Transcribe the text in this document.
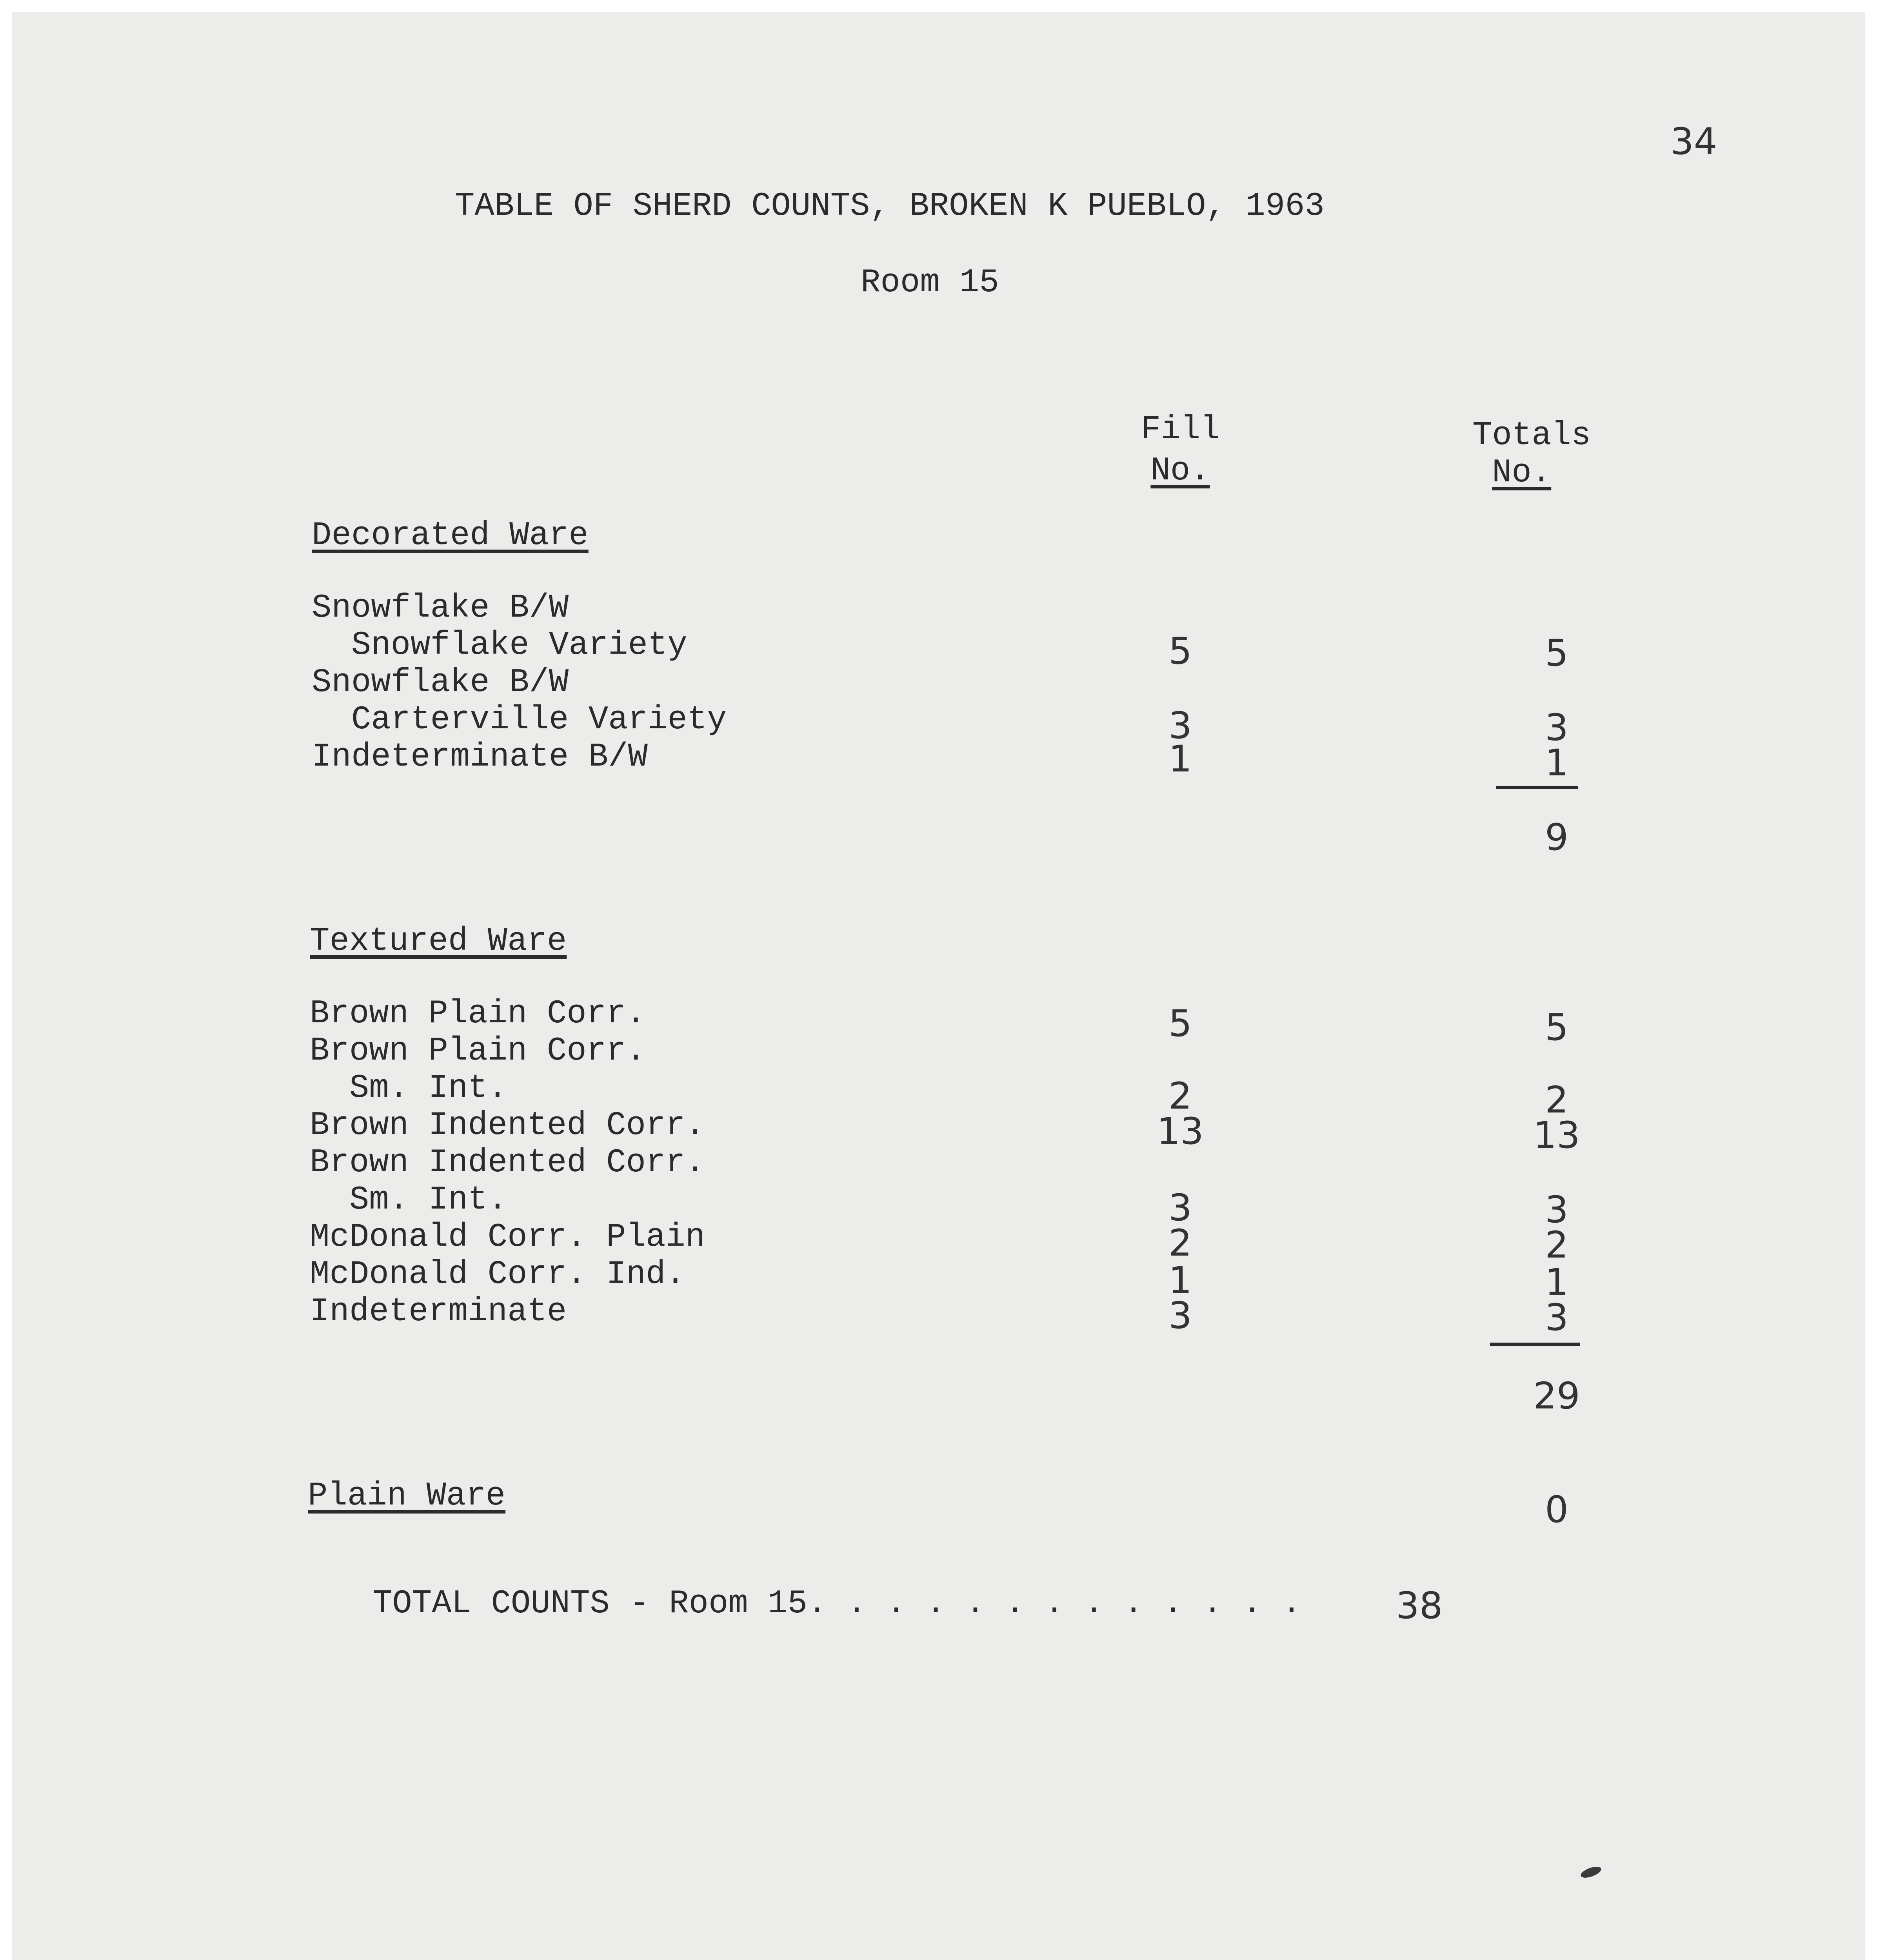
34
TABLE OF SHERD COUNTS, BROKEN K PUEBLO, 1963
Room 15
Fill
No.
Totals
No.
Decorated Ware
Snowflake B/W
Snowflake Variety
Snowflake B/W
Carterville Variety
Indeterminate B/W
5
3
1
5
3
1
9
Textured Ware
Brown Plain Corr.
Brown Plain Corr.
Sm. Int.
Brown Indented Corr.
Brown Indented Corr.
Sm. Int.
McDonald Corr. Plain
McDonald Corr. Ind.
Indeterminate
5
2
13
3
2
1
3
5
2
13
3
2
1
3
29
Plain Ware	0
TOTAL COUNTS - Room 15. . . . . . . . . . . . .	38
